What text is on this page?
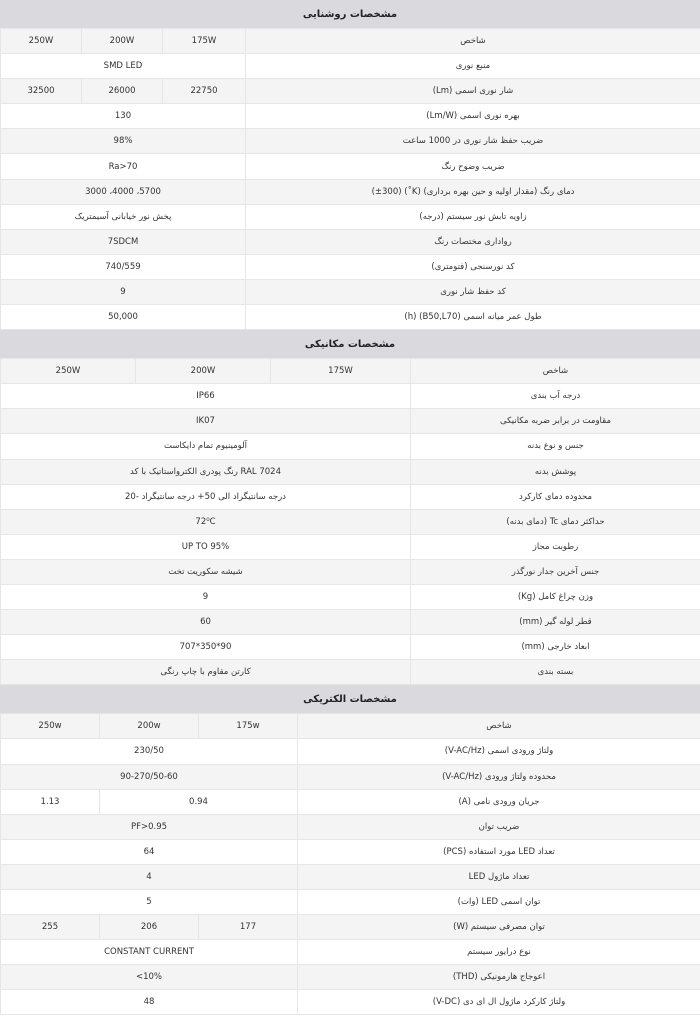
مشخصات روشنایی
250W	200W	175W	شاخص
SMD LED			منبع نوری
32500	26000	22750	شار نوری اسمی (Lm)
130			بهره نوری اسمی (Lm/W)
98%			ضریب حفظ شار نوری در 1000 ساعت
Ra>70			ضریب وضوح رنگ
3000 ،4000 ،5700			دمای رنگ (مقدار اولیه و حین بهره برداری) (K˚) (±300)
پخش نور خیابانی آسیمتریک			زاویه تابش نور سیستم (درجه)
7SDCM			رواداری مختصات رنگ
740/559			کد نورسنجی (فتومتری)
9			کد حفظ شار نوری
50,000			طول عمر میانه اسمی (B50,L70) (h)
مشخصات مکانیکی
250W	200W	175W	شاخص
IP66			درجه آب بندی
IK07			مقاومت در برابر ضربه مکانیکی
آلومینیوم تمام دایکاست			جنس و نوع بدنه
رنگ پودری الکترواستاتیک با کد RAL 7024			پوشش بدنه
20- درجه سانتیگراد الی 50+ درجه سانتیگراد			محدوده دمای کارکرد
72⁰C			حداکثر دمای Tc (دمای بدنه)
UP TO 95%			رطوبت مجاز
شیشه سکوریت تخت			جنس آخرین جدار نورگذر
9			وزن چراغ کامل (Kg)
60			قطر لوله گیر (mm)
707*350*90			ابعاد خارجی (mm)
کارتن مقاوم با چاپ رنگی			بسته بندی
مشخصات الکتریکی
250w	200w	175w	شاخص
230/50			ولتاژ ورودی اسمی (V-AC/Hz)
90-270/50-60			محدوده ولتاژ ورودی (V-AC/Hz)
1.13	0.94		جریان ورودی نامی (A)
PF>0.95			ضریب توان
64			تعداد LED مورد استفاده (PCS)
4			تعداد ماژول LED
5			توان اسمی LED (وات)
255	206	177	توان مصرفی سیستم (W)
CONSTANT CURRENT			نوع درایور سیستم
<10%			اعوجاج هارمونیکی (THD)
48			ولتاژ کارکرد ماژول ال ای دی (V-DC)
